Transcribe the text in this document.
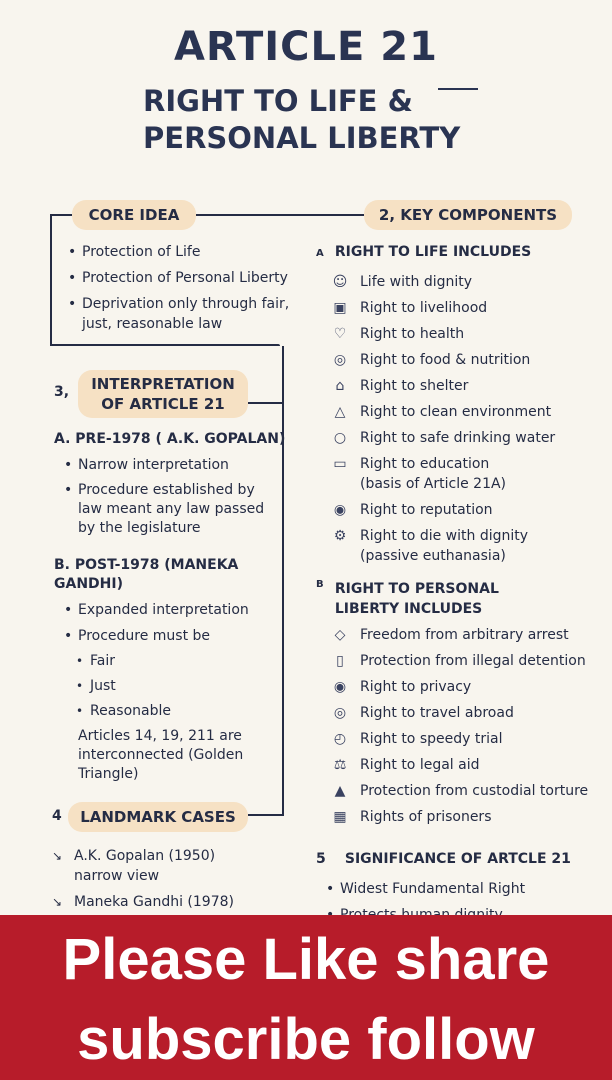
ARTICLE 21
RIGHT TO LIFE &
PERSONAL LIBERTY
CORE IDEA
• Protection of Life
• Protection of Personal Liberty
• Deprivation only through fair, just, reasonable law
2, KEY COMPONENTS
A RIGHT TO LIFE INCLUDES
☺ Life with dignity
▣ Right to livelihood
♡ Right to health
◎ Right to food & nutrition
⌂	Right to shelter
△	Right to clean environment
○ Right to safe drinking water
▭ Right to education
(basis of Article 21A)
◉ Right to reputation
⚙ Right to die with dignity
(passive euthanasia)
B RIGHT TO PERSONAL LIBERTY INCLUDES
◇	Freedom from arbitrary arrest
▯	Protection from illegal detention
◉ Right to privacy
◎ Right to travel abroad
◴ Right to speedy trial
⚖ Right to legal aid
▲	Protection from custodial torture
▦ Rights of prisoners
3,	INTERPRETATION
OF ARTICLE 21
A. PRE-1978 ( A.K. GOPALAN)
• Narrow interpretation
• Procedure established by law meant any law passed by the legislature
B. POST-1978 (MANEKA GANDHI)
• Expanded interpretation
• Procedure must be
• Fair
• Just
• Reasonable
Articles 14, 19, 211 are interconnected (Golden Triangle)
4	LANDMARK CASES
↘ A.K. Gopalan (1950)
narrow view
↘ Maneka Gandhi (1978)
5 SIGNIFICANCE OF ARTCLE 21
• Widest Fundamental Right
•
Please Like share
subscribe follow
